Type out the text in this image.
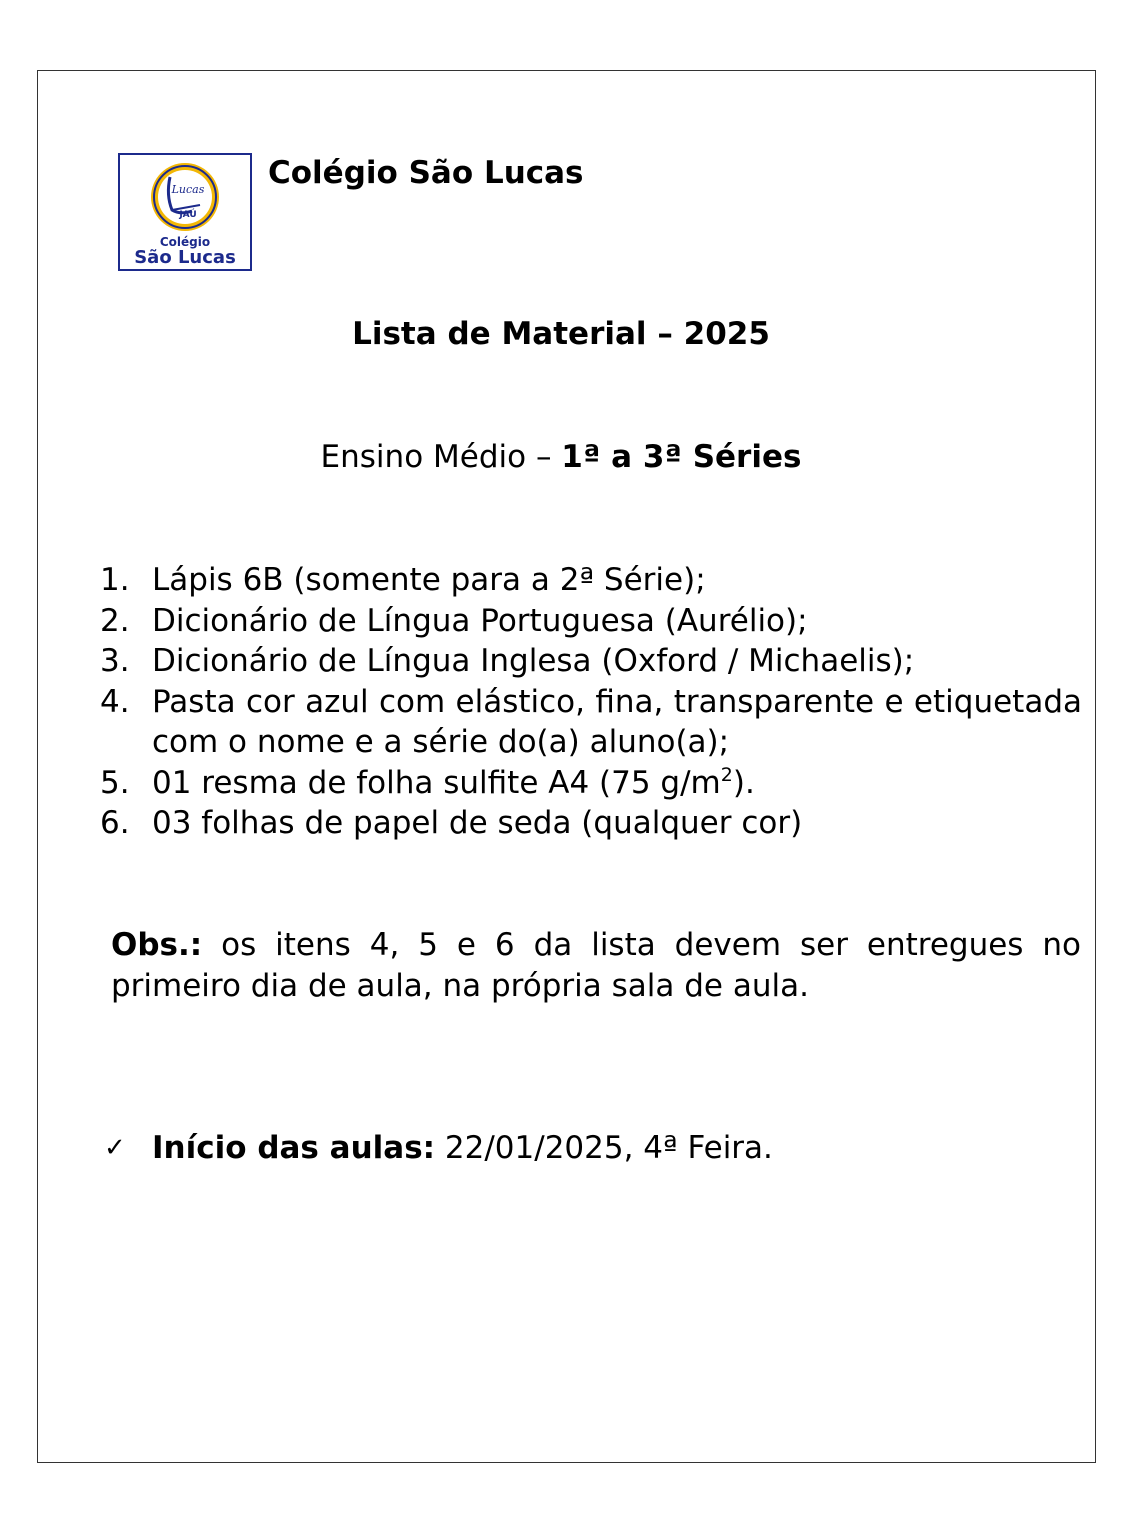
Lucas
JAÚ
Colégio
São Lucas
Colégio São Lucas
Lista de Material – 2025
Ensino Médio – 1ª a 3ª Séries
1. Lápis 6B (somente para a 2ª Série);
2. Dicionário de Língua Portuguesa (Aurélio);
3. Dicionário de Língua Inglesa (Oxford / Michaelis);
4. Pasta cor azul com elástico, fina, transparente e etiquetada com o nome e a série do(a) aluno(a);
5. 01 resma de folha sulfite A4 (75 $g/m^2$).
6. 03 folhas de papel de seda (qualquer cor)
Obs.: os itens 4, 5 e 6 da lista devem ser entregues no primeiro dia de aula, na própria sala de aula.
✓ Início das aulas: 22/01/2025, 4ª Feira.
